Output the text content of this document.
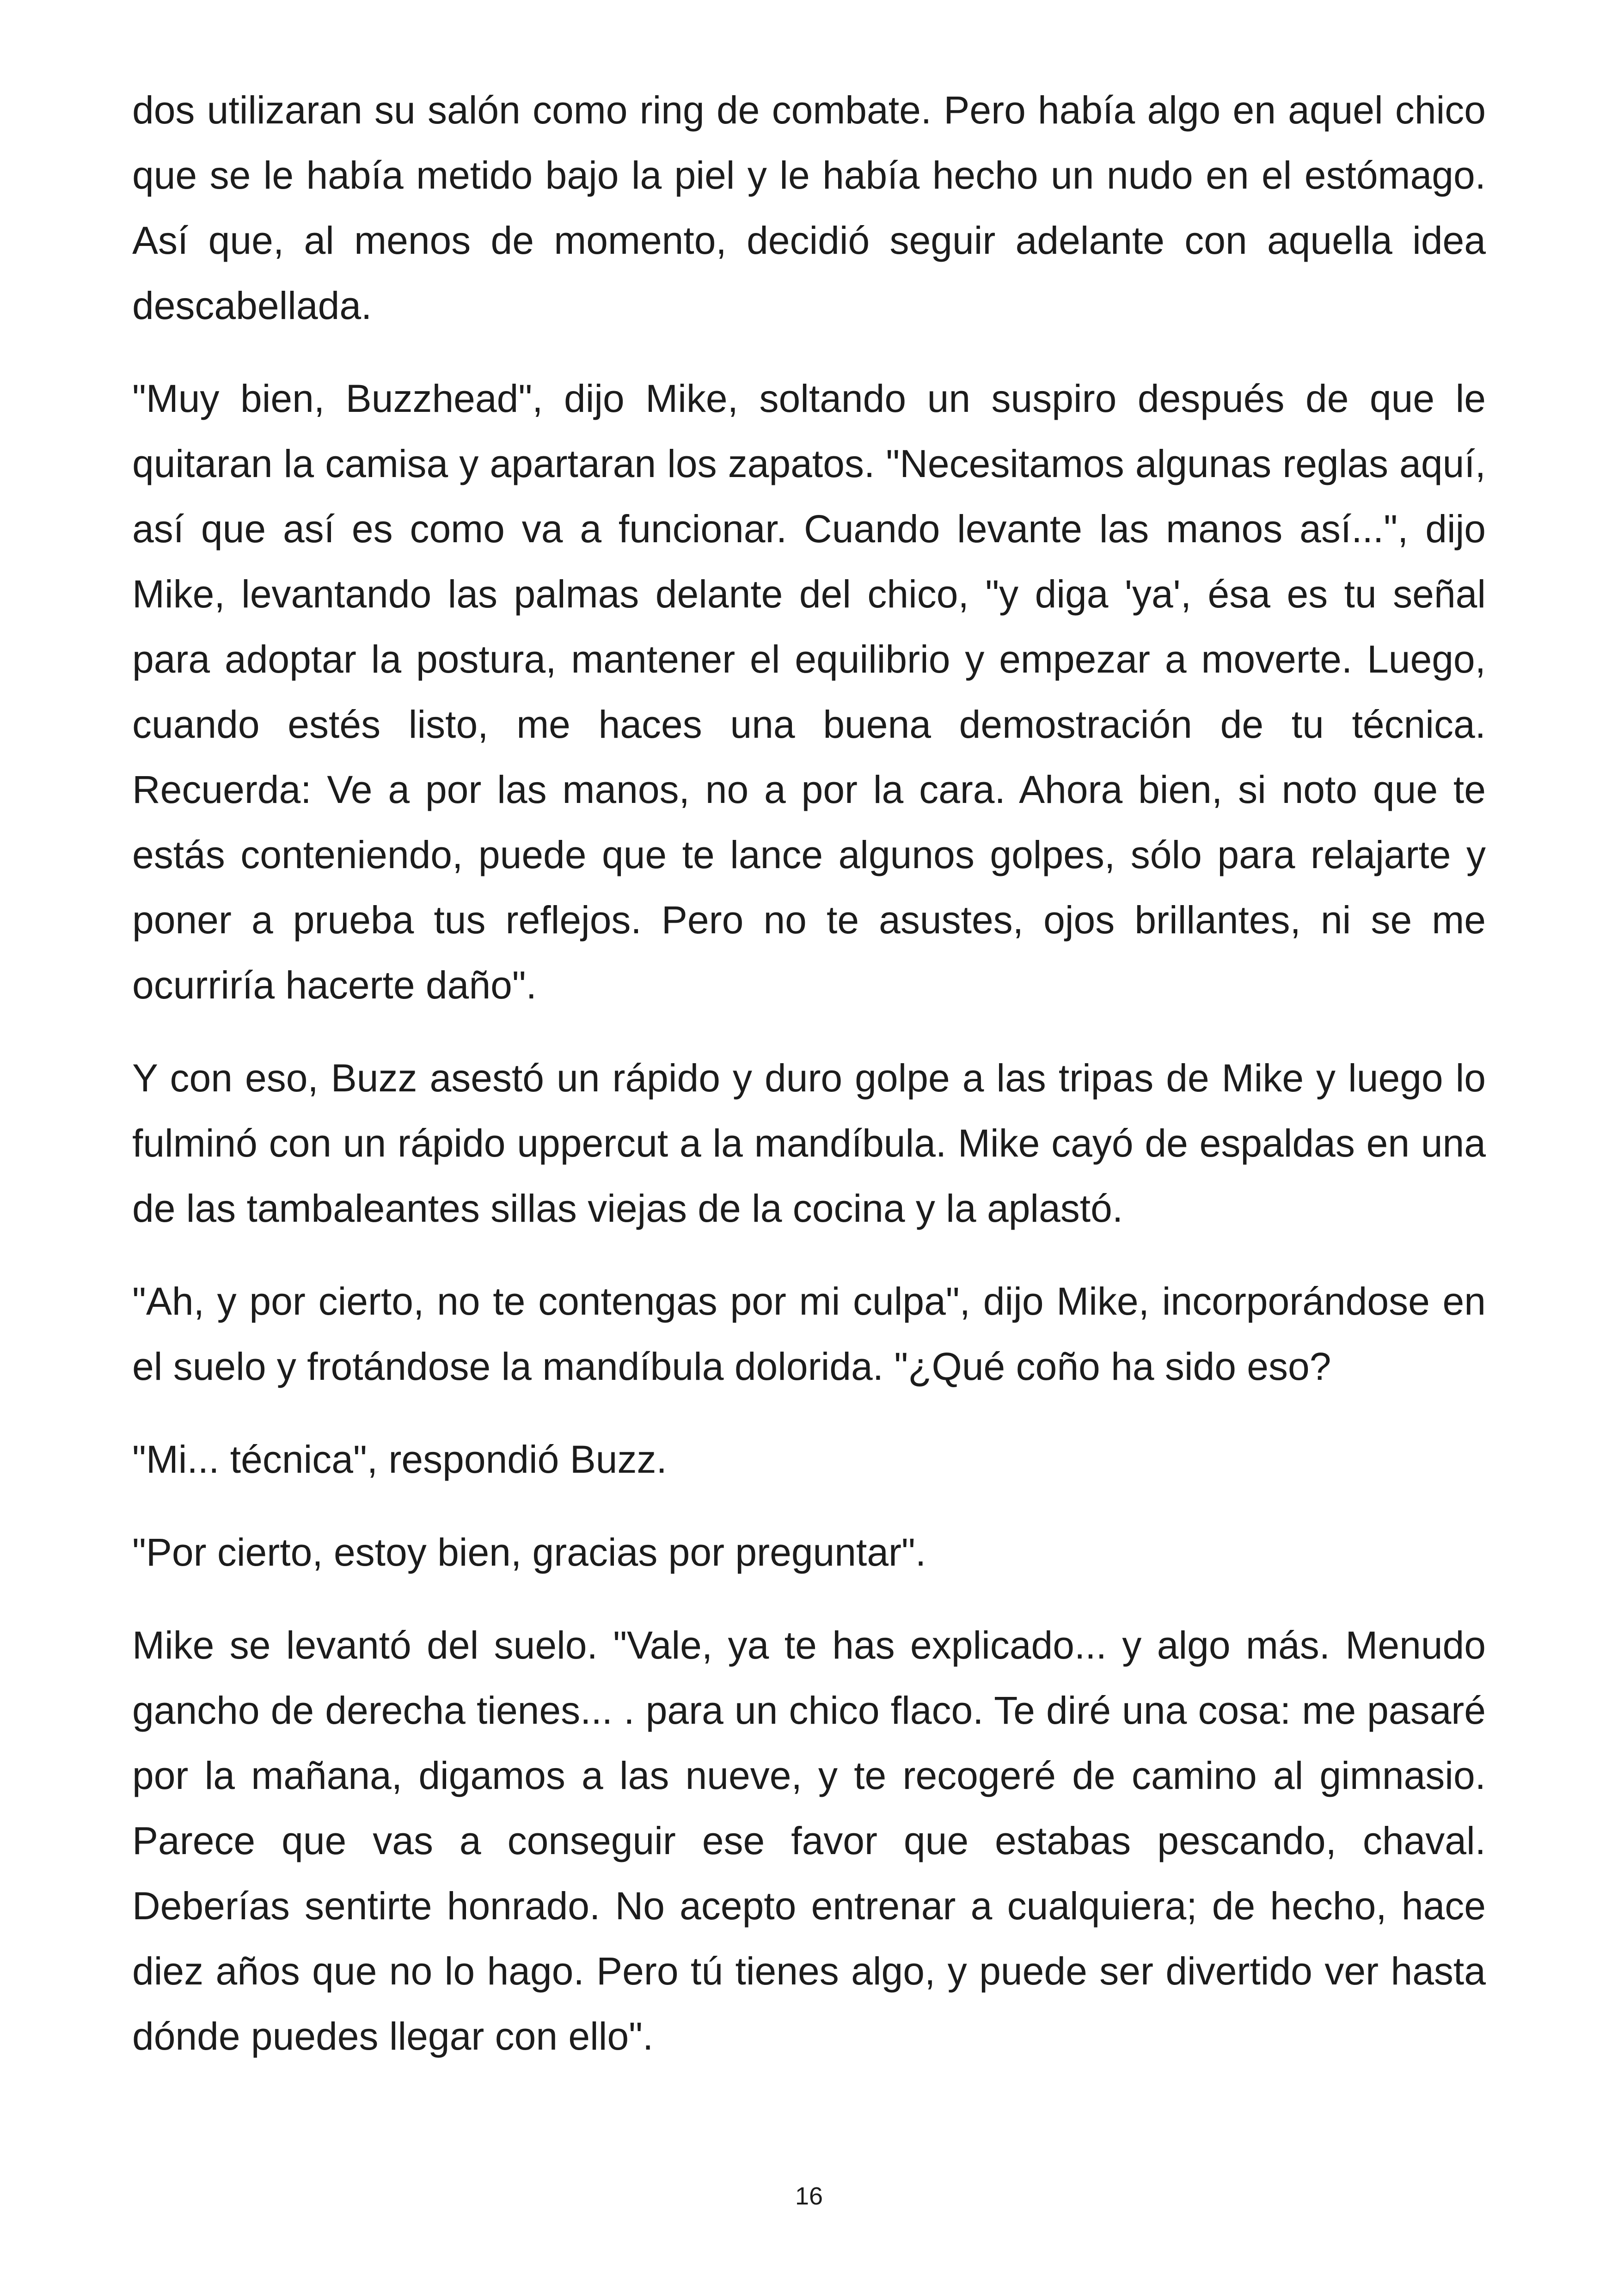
dos utilizaran su salón como ring de combate. Pero había algo en aquel chico que se le había metido bajo la piel y le había hecho un nudo en el estómago. Así que, al menos de momento, decidió seguir adelante con aquella idea descabellada.

"Muy bien, Buzzhead", dijo Mike, soltando un suspiro después de que le quitaran la camisa y apartaran los zapatos. "Necesitamos algunas reglas aquí, así que así es como va a funcionar. Cuando levante las manos así...", dijo Mike, levantando las palmas delante del chico, "y diga 'ya', ésa es tu señal para adoptar la postura, mantener el equilibrio y empezar a moverte. Luego, cuando estés listo, me haces una buena demostración de tu técnica. Recuerda: Ve a por las manos, no a por la cara. Ahora bien, si noto que te estás conteniendo, puede que te lance algunos golpes, sólo para relajarte y poner a prueba tus reflejos. Pero no te asustes, ojos brillantes, ni se me ocurriría hacerte daño".

Y con eso, Buzz asestó un rápido y duro golpe a las tripas de Mike y luego lo fulminó con un rápido uppercut a la mandíbula. Mike cayó de espaldas en una de las tambaleantes sillas viejas de la cocina y la aplastó.

"Ah, y por cierto, no te contengas por mi culpa", dijo Mike, incorporándose en el suelo y frotándose la mandíbula dolorida. "¿Qué coño ha sido eso?

"Mi... técnica", respondió Buzz.

"Por cierto, estoy bien, gracias por preguntar".

Mike se levantó del suelo. "Vale, ya te has explicado... y algo más. Menudo gancho de derecha tienes... . para un chico flaco. Te diré una cosa: me pasaré por la mañana, digamos a las nueve, y te recogeré de camino al gimnasio. Parece que vas a conseguir ese favor que estabas pescando, chaval. Deberías sentirte honrado. No acepto entrenar a cualquiera; de hecho, hace diez años que no lo hago. Pero tú tienes algo, y puede ser divertido ver hasta dónde puedes llegar con ello".

16
